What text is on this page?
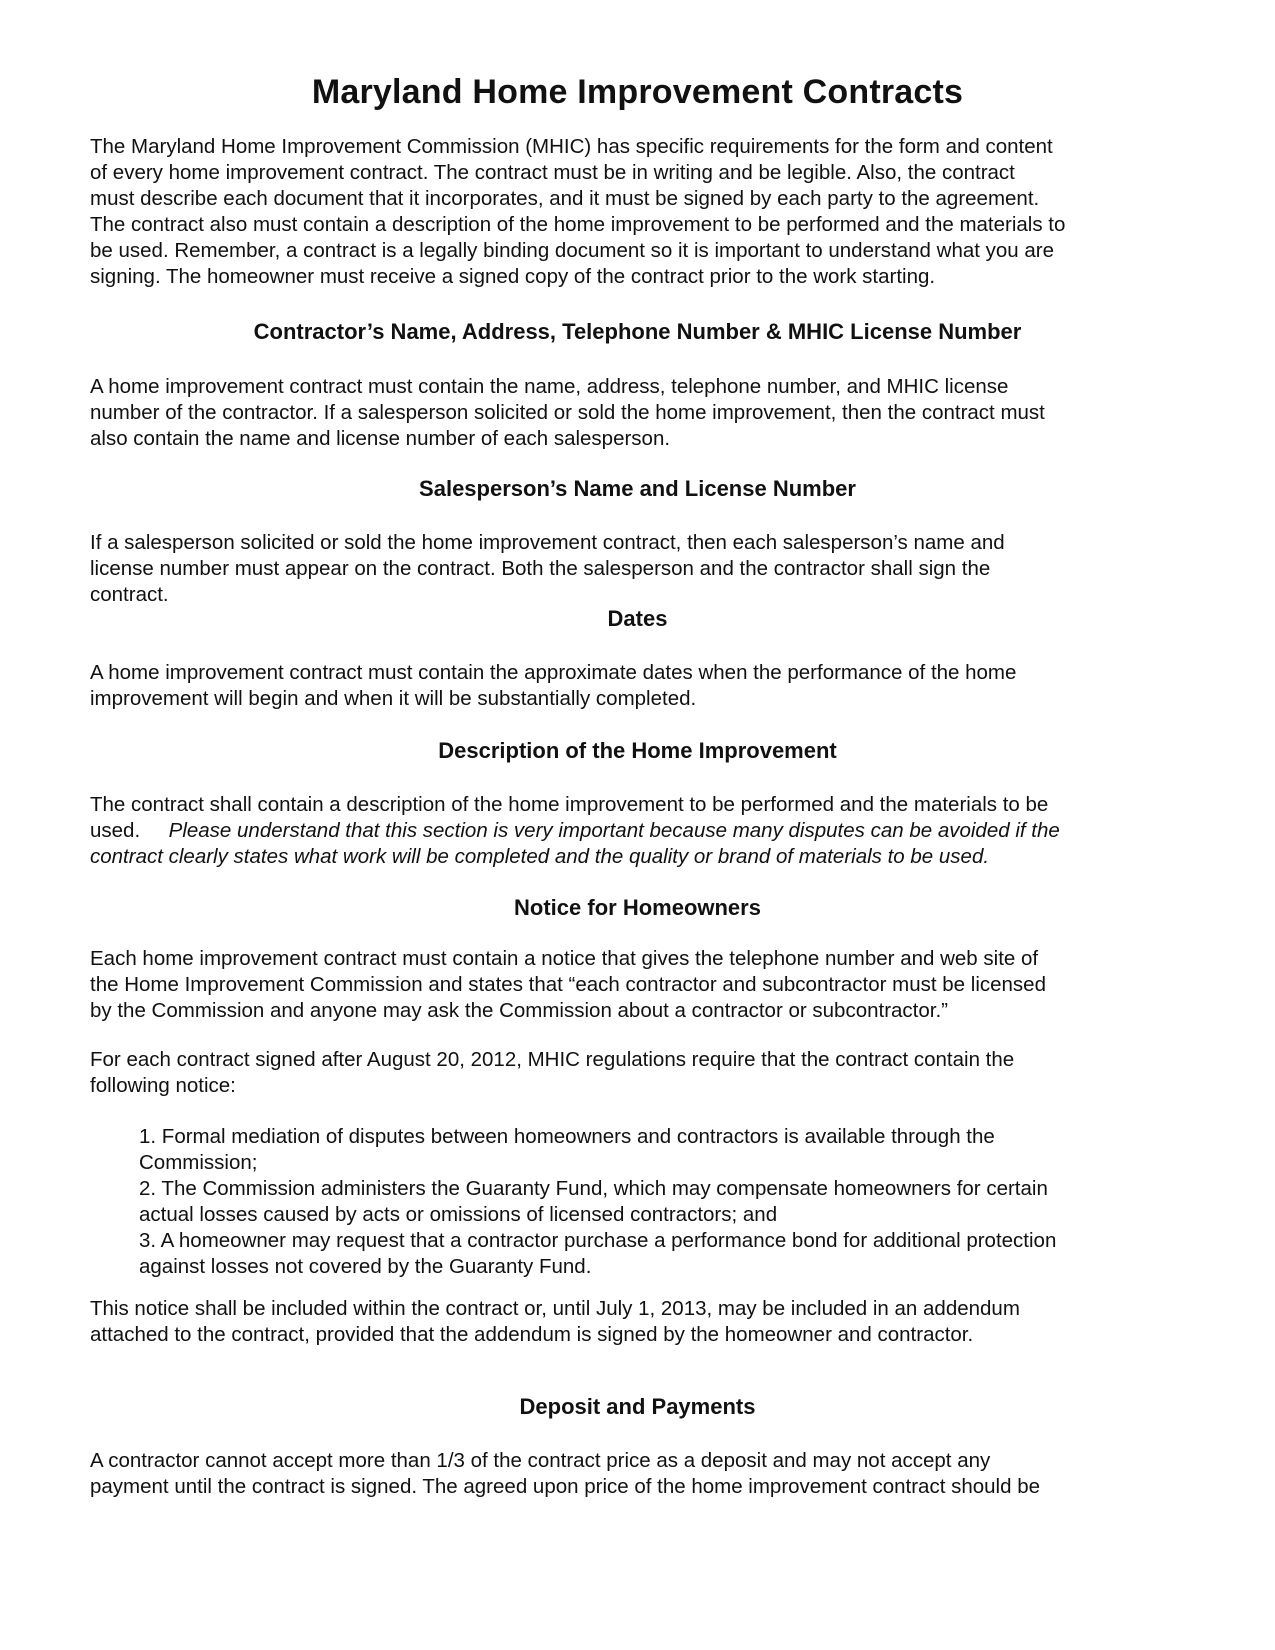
Maryland Home Improvement Contracts

The Maryland Home Improvement Commission (MHIC) has specific requirements for the form and content
of every home improvement contract. The contract must be in writing and be legible. Also, the contract
must describe each document that it incorporates, and it must be signed by each party to the agreement.
The contract also must contain a description of the home improvement to be performed and the materials to
be used. Remember, a contract is a legally binding document so it is important to understand what you are
signing. The homeowner must receive a signed copy of the contract prior to the work starting.

Contractor’s Name, Address, Telephone Number & MHIC License Number

A home improvement contract must contain the name, address, telephone number, and MHIC license
number of the contractor. If a salesperson solicited or sold the home improvement, then the contract must
also contain the name and license number of each salesperson.

Salesperson’s Name and License Number

If a salesperson solicited or sold the home improvement contract, then each salesperson’s name and
license number must appear on the contract. Both the salesperson and the contractor shall sign the
contract.

Dates

A home improvement contract must contain the approximate dates when the performance of the home
improvement will begin and when it will be substantially completed.

Description of the Home Improvement

The contract shall contain a description of the home improvement to be performed and the materials to be
used.     Please understand that this section is very important because many disputes can be avoided if the
contract clearly states what work will be completed and the quality or brand of materials to be used.

Notice for Homeowners

Each home improvement contract must contain a notice that gives the telephone number and web site of
the Home Improvement Commission and states that “each contractor and subcontractor must be licensed
by the Commission and anyone may ask the Commission about a contractor or subcontractor.”

For each contract signed after August 20, 2012, MHIC regulations require that the contract contain the
following notice:

1. Formal mediation of disputes between homeowners and contractors is available through the
Commission;
2. The Commission administers the Guaranty Fund, which may compensate homeowners for certain
actual losses caused by acts or omissions of licensed contractors; and
3. A homeowner may request that a contractor purchase a performance bond for additional protection
against losses not covered by the Guaranty Fund.

This notice shall be included within the contract or, until July 1, 2013, may be included in an addendum
attached to the contract, provided that the addendum is signed by the homeowner and contractor.

Deposit and Payments

A contractor cannot accept more than 1/3 of the contract price as a deposit and may not accept any
payment until the contract is signed. The agreed upon price of the home improvement contract should be
